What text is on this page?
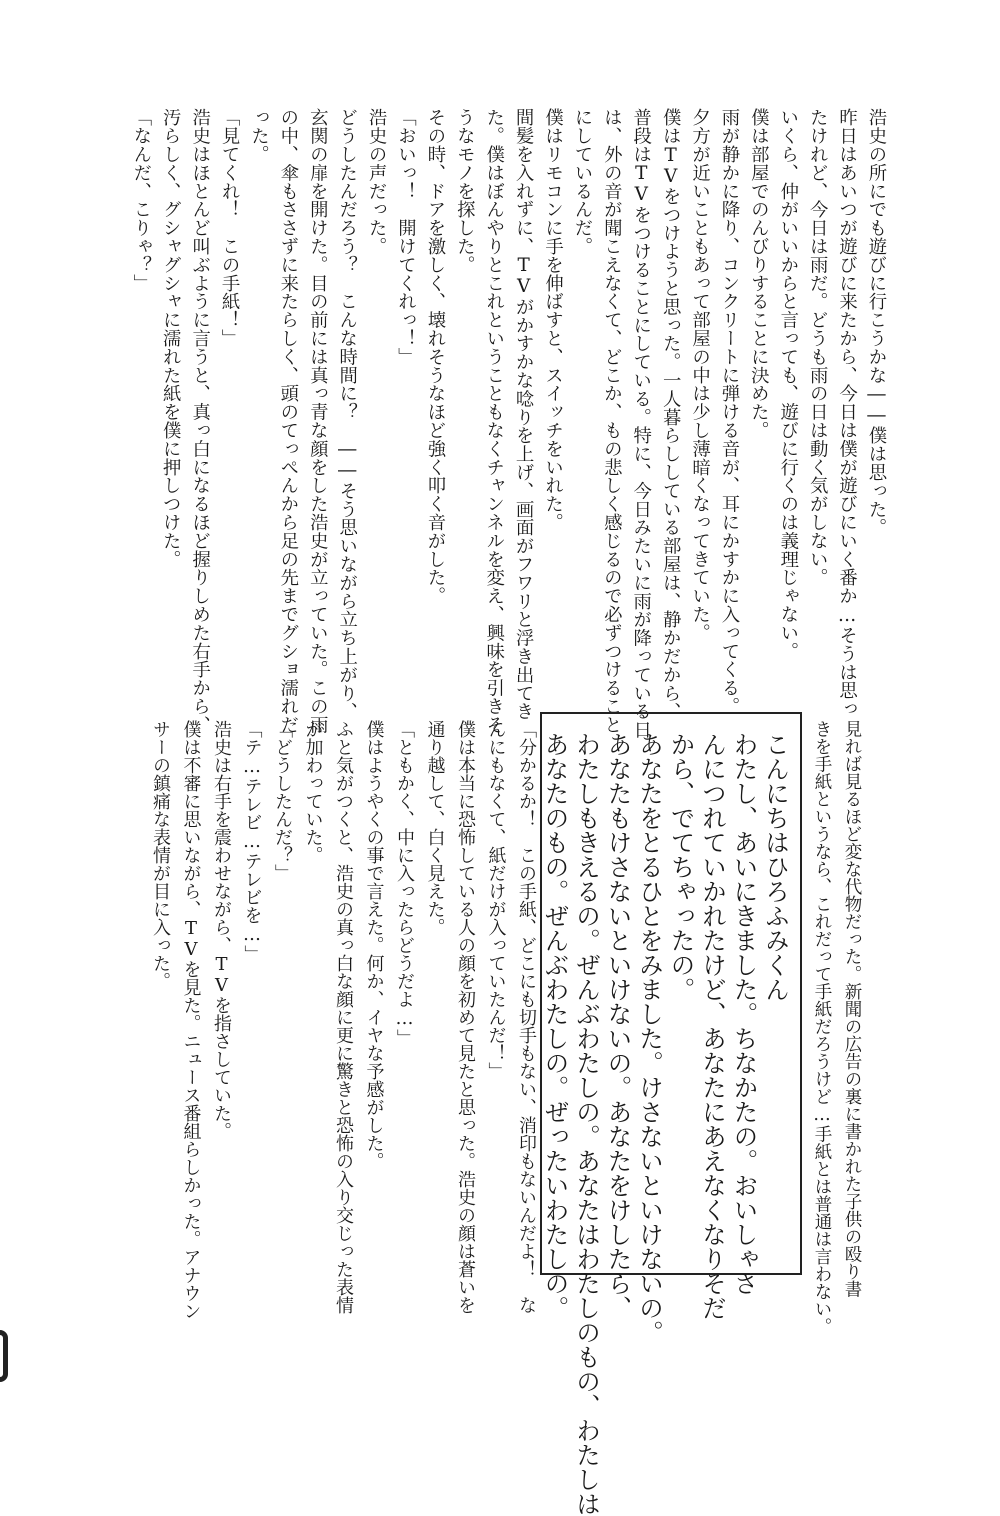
浩史の所にでも遊びに行こうかな――僕は思った。

昨日はあいつが遊びに来たから、今日は僕が遊びにいく番か…そうは思っ

たけれど、今日は雨だ。どうも雨の日は動く気がしない。

いくら、仲がいいからと言っても、遊びに行くのは義理じゃない。

僕は部屋でのんびりすることに決めた。

雨が静かに降り、コンクリートに弾ける音が、耳にかすかに入ってくる。

夕方が近いこともあって部屋の中は少し薄暗くなってきていた。

僕はTVをつけようと思った。一人暮らししている部屋は、静かだから、

普段はTVをつけることにしている。特に、今日みたいに雨が降っている日

は、外の音が聞こえなくて、どこか、もの悲しく感じるので必ずつけること

にしているんだ。

僕はリモコンに手を伸ばすと、スイッチをいれた。

間髪を入れずに、TVがかすかな唸りを上げ、画面がフワリと浮き出てき

た。僕はぼんやりとこれということもなくチャンネルを変え、興味を引きそ

うなモノを探した。

その時、ドアを激しく、壊れそうなほど強く叩く音がした。

「おいっ！　開けてくれっ！」

浩史の声だった。

どうしたんだろう？　こんな時間に？　――そう思いながら立ち上がり、

玄関の扉を開けた。目の前には真っ青な顔をした浩史が立っていた。この雨

の中、傘もささずに来たらしく、頭のてっぺんから足の先までグショ濡れだ

った。

「見てくれ！　この手紙！」

浩史はほとんど叫ぶように言うと、真っ白になるほど握りしめた右手から、

汚らしく、グシャグシャに濡れた紙を僕に押しつけた。

「なんだ、こりゃ？」

見れば見るほど変な代物だった。新聞の広告の裏に書かれた子供の殴り書

きを手紙というなら、これだって手紙だろうけど…手紙とは普通は言わない。

こんにちはひろふみくん

わたし、あいにきました。ちなかたの。おいしゃさ

んにつれていかれたけど、あなたにあえなくなりそだ

から、でてちゃったの。

あなたをとるひとをみました。けさないといけないの。

あなたもけさないといけないの。あなたをけしたら、

わたしもきえるの。ぜんぶわたしの。あなたはわたしのもの、わたしは

あなたのもの。ぜんぶわたしの。ぜったいわたしの。

「分かるか！　この手紙、どこにも切手もない、消印もないんだよ！　な

んにもなくて、紙だけが入っていたんだ！」

僕は本当に恐怖している人の顔を初めて見たと思った。浩史の顔は蒼いを

通り越して、白く見えた。

「ともかく、中に入ったらどうだよ…」

僕はようやくの事で言えた。何か、イヤな予感がした。

ふと気がつくと、浩史の真っ白な顔に更に驚きと恐怖の入り交じった表情

が加わっていた。

「どうしたんだ？」

「テ…テレビ…テレビを…」

浩史は右手を震わせながら、TVを指さしていた。

僕は不審に思いながら、TVを見た。ニュース番組らしかった。アナウン

サーの鎮痛な表情が目に入った。
